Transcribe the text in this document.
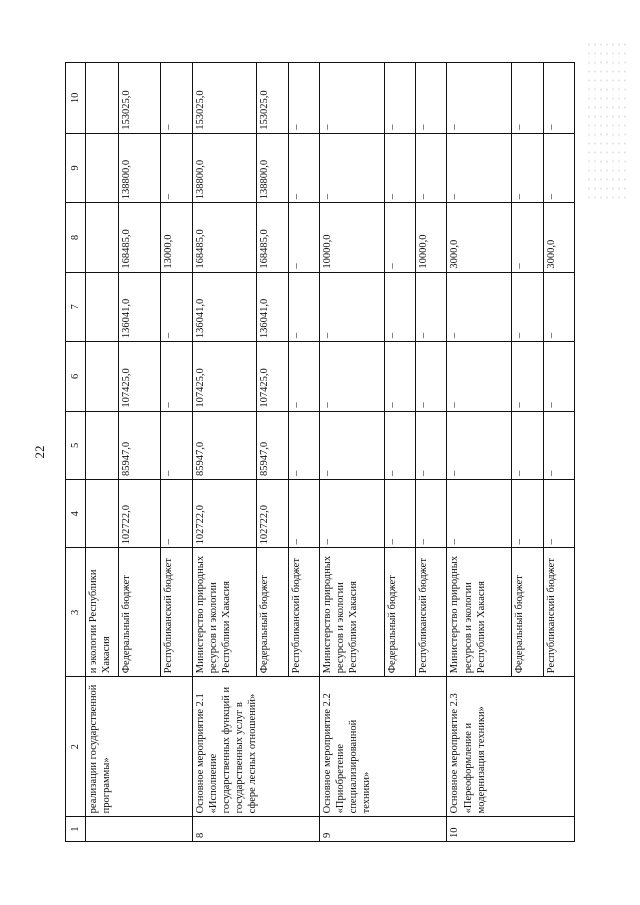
22
1	2	3	4	5	6	7	8	9	10
	реализации государственной программы»	и экологии Республики Хакасия							
		Федеральный бюджет	102722,0	85947,0	107425,0	136041,0	168485,0	138800,0	153025,0
		Республиканский бюджет	–	–	–	–	13000,0	–	–
8	Основное мероприятие 2.1 «Исполнение государственных функций и государственных услуг в сфере лесных отношений»	Министерство природных ресурсов и экологии Республики Хакасия	102722,0	85947,0	107425,0	136041,0	168485,0	138800,0	153025,0
		Федеральный бюджет	102722,0	85947,0	107425,0	136041,0	168485,0	138800,0	153025,0
		Республиканский бюджет	–	–	–	–	–	–	–
9	Основное мероприятие 2.2 «Приобретение специализированной техники»	Министерство природных ресурсов и экологии Республики Хакасия	–	–	–	–	10000,0	–	–
		Федеральный бюджет	–	–	–	–	–	–	–
		Республиканский бюджет	–	–	–	–	10000,0	–	–
10	Основное мероприятие 2.3 «Переоформление и модернизация техники»	Министерство природных ресурсов и экологии Республики Хакасия	–	–	–	–	3000,0	–	–
		Федеральный бюджет	–	–	–	–	–	–	–
		Республиканский бюджет	–	–	–	–	3000,0	–	–
